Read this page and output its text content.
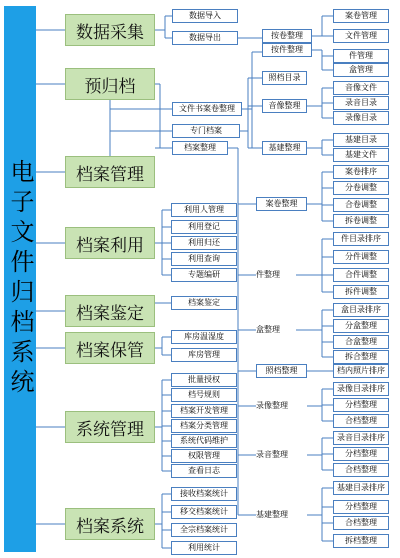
电子文件归档系统
数据采集
预归档
档案管理
档案利用
档案鉴定
档案保管
系统管理
档案系统
数据导入
数据导出
文件书案卷整理
专门档案
档案整理
按卷整理
按件整理
案卷管理
文件管理
件管理
盒管理
照档目录
音像整理
基建整理
音像文件
录音目录
录像目录
基建目录
基建文件
案卷整理
案卷排序
分卷调整
合卷调整
拆卷调整
件整理
件目录排序
分件调整
合件调整
拆件调整
盒整理
盒目录排序
分盒整理
合盒整理
拆合整理
照档整理	档内照片排序
录像整理
录像目录排序
分档整理
合档整理
录音整理
录音目录排序
分档整理
合档整理
基建整理
基建目录排序
分档整理
合档整理
拆档整理
利用人管理
利用登记
利用归还
利用查询
专题编研
档案鉴定
库房温湿度
库房管理
批量授权
档号规则
档案开发管理
档案分类管理
系统代码维护
权限管理
查看日志
接收档案统计
移交档案统计
全宗档案统计
利用统计
